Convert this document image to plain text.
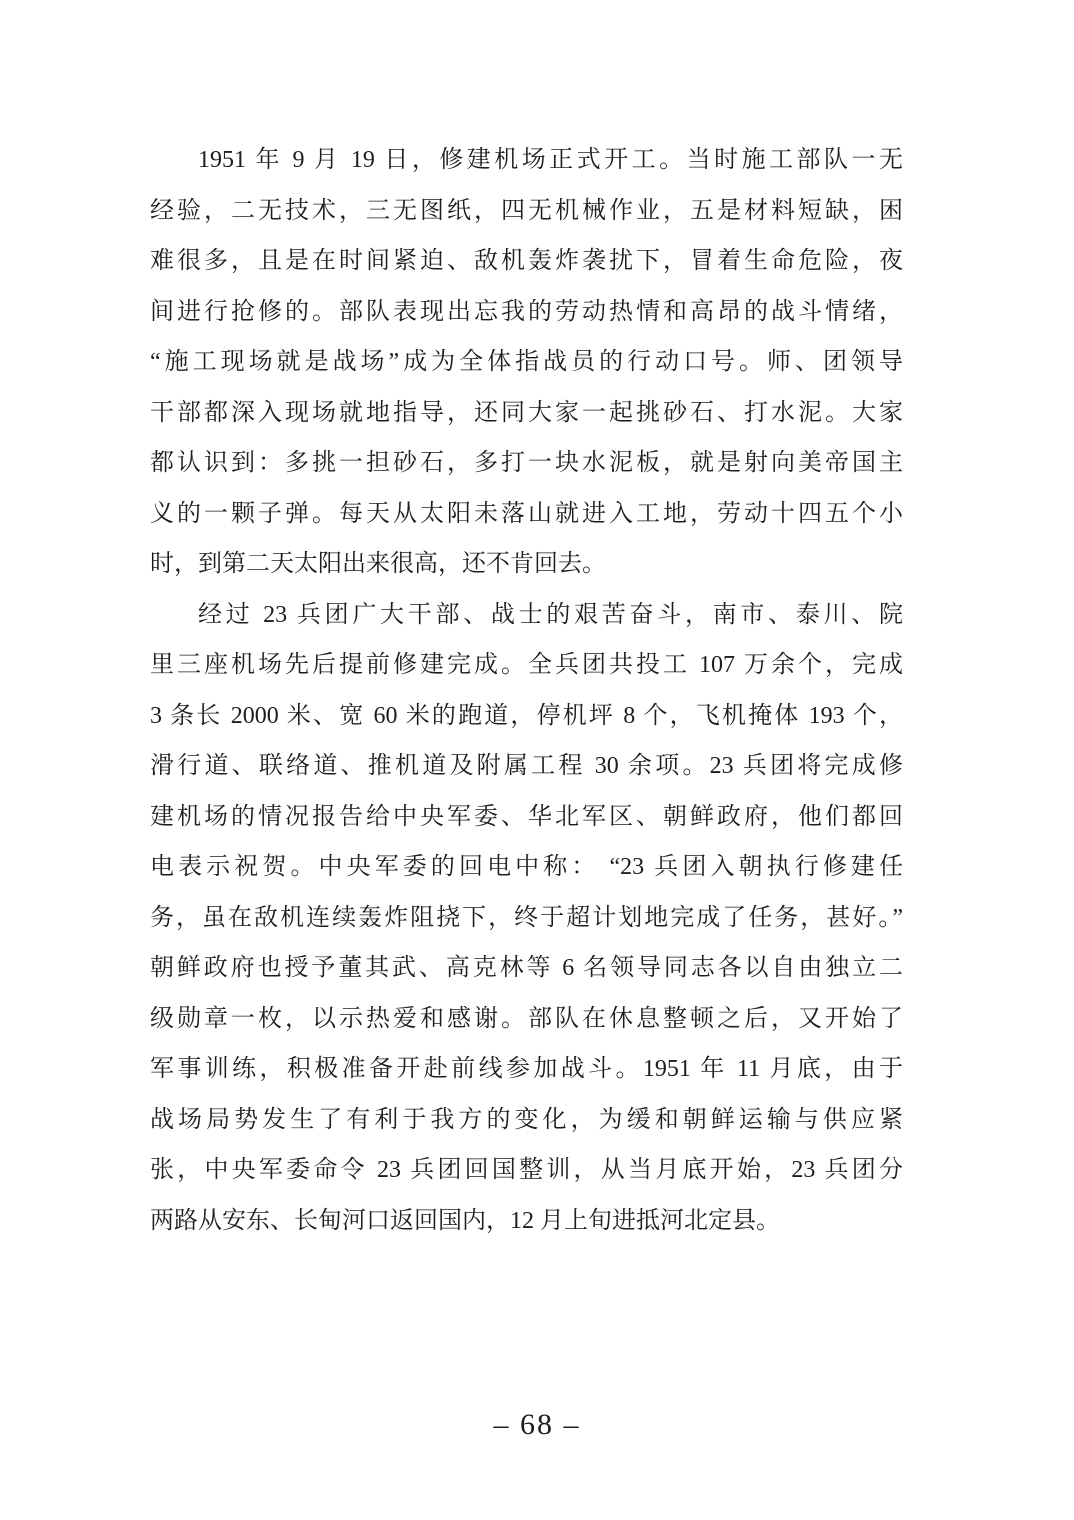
1951 年 9 月 19 日，修建机场正式开工。当时施工部队一无

经验，二无技术，三无图纸，四无机械作业，五是材料短缺，困

难很多，且是在时间紧迫、敌机轰炸袭扰下，冒着生命危险，夜

间进行抢修的。部队表现出忘我的劳动热情和高昂的战斗情绪，

“施工现场就是战场”成为全体指战员的行动口号。师、团领导

干部都深入现场就地指导，还同大家一起挑砂石、打水泥。大家

都认识到：多挑一担砂石，多打一块水泥板，就是射向美帝国主

义的一颗子弹。每天从太阳未落山就进入工地，劳动十四五个小

时，到第二天太阳出来很高，还不肯回去。

经过 23 兵团广大干部、战士的艰苦奋斗，南市、泰川、院

里三座机场先后提前修建完成。全兵团共投工 107 万余个，完成

3 条长 2000 米、宽 60 米的跑道，停机坪 8 个，飞机掩体 193 个，

滑行道、联络道、推机道及附属工程 30 余项。23 兵团将完成修

建机场的情况报告给中央军委、华北军区、朝鲜政府，他们都回

电表示祝贺。中央军委的回电中称： “23 兵团入朝执行修建任

务，虽在敌机连续轰炸阻挠下，终于超计划地完成了任务，甚好。”

朝鲜政府也授予董其武、高克林等 6 名领导同志各以自由独立二

级勋章一枚，以示热爱和感谢。部队在休息整顿之后，又开始了

军事训练，积极准备开赴前线参加战斗。1951 年 11 月底，由于

战场局势发生了有利于我方的变化，为缓和朝鲜运输与供应紧

张，中央军委命令 23 兵团回国整训，从当月底开始，23 兵团分

两路从安东、长甸河口返回国内，12 月上旬进抵河北定县。

– 68 –
